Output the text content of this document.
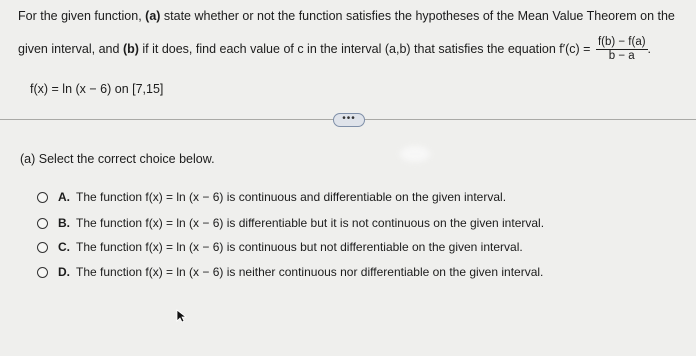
For the given function, (a) state whether or not the function satisfies the hypotheses of the Mean Value Theorem on the
given interval, and (b) if it does, find each value of c in the interval (a,b) that satisfies the equation $f'(c) = \frac{f(b) - f(a)}{b - a}$ .
f(x) = ln (x − 6) on [7,15]
•••
(a) Select the correct choice below.
A. The function f(x) = ln (x − 6) is continuous and differentiable on the given interval.
B. The function f(x) = ln (x − 6) is differentiable but it is not continuous on the given interval.
C. The function f(x) = ln (x − 6) is continuous but not differentiable on the given interval.
D. The function f(x) = ln (x − 6) is neither continuous nor differentiable on the given interval.
